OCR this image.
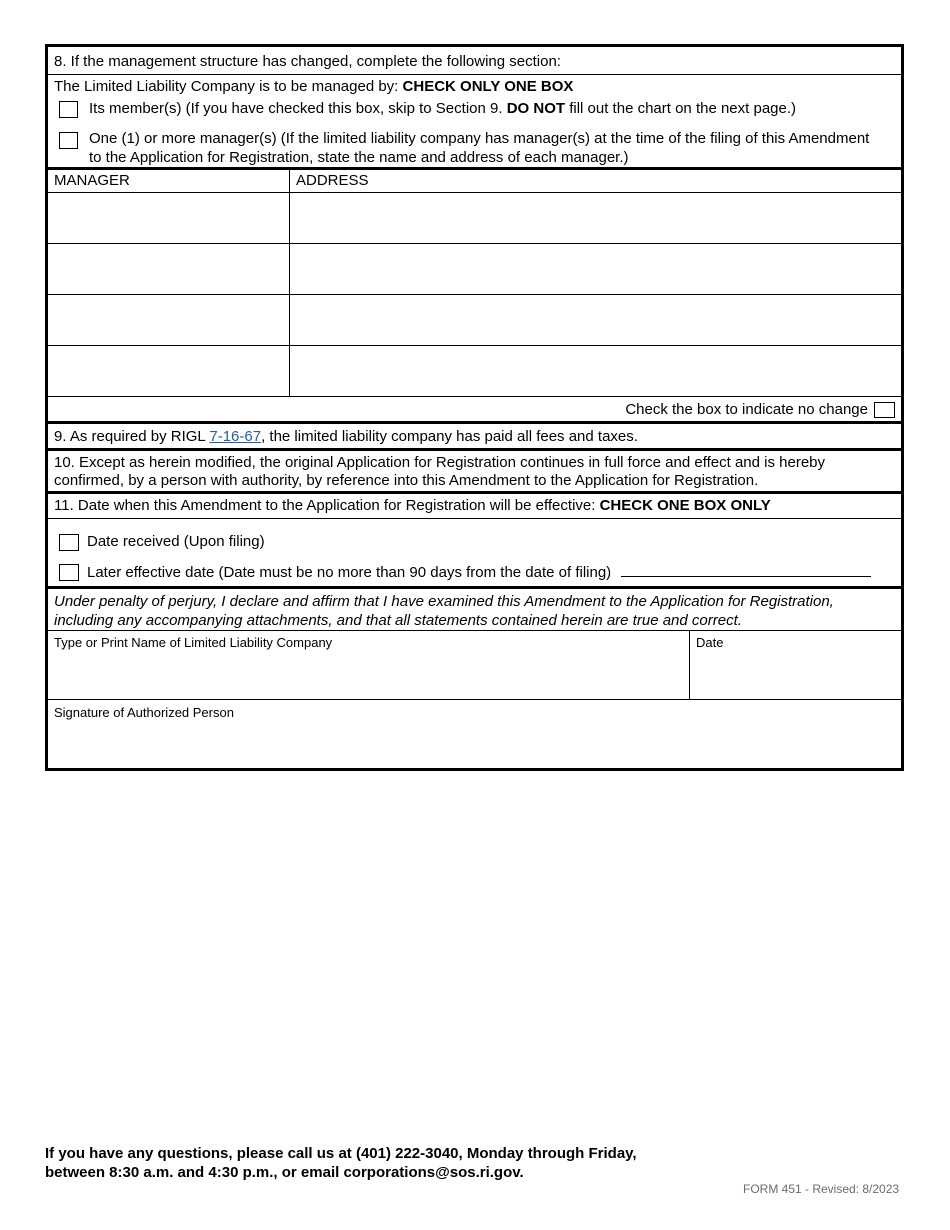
8. If the management structure has changed, complete the following section:
The Limited Liability Company is to be managed by: CHECK ONLY ONE BOX
Its member(s) (If you have checked this box, skip to Section 9. DO NOT fill out the chart on the next page.)
One (1) or more manager(s) (If the limited liability company has manager(s) at the time of the filing of this Amendment
to the Application for Registration, state the name and address of each manager.)
MANAGER	ADDRESS
Check the box to indicate no change
9. As required by RIGL 7-16-67, the limited liability company has paid all fees and taxes.
10. Except as herein modified, the original Application for Registration continues in full force and effect and is hereby
confirmed, by a person with authority, by reference into this Amendment to the Application for Registration.
11. Date when this Amendment to the Application for Registration will be effective: CHECK ONE BOX ONLY
Date received (Upon filing)
Later effective date (Date must be no more than 90 days from the date of filing)
Under penalty of perjury, I declare and affirm that I have examined this Amendment to the Application for Registration,
including any accompanying attachments, and that all statements contained herein are true and correct.
Type or Print Name of Limited Liability Company	Date
Signature of Authorized Person
If you have any questions, please call us at (401) 222-3040, Monday through Friday,
between 8:30 a.m. and 4:30 p.m., or email corporations@sos.ri.gov.
FORM 451 - Revised: 8/2023
